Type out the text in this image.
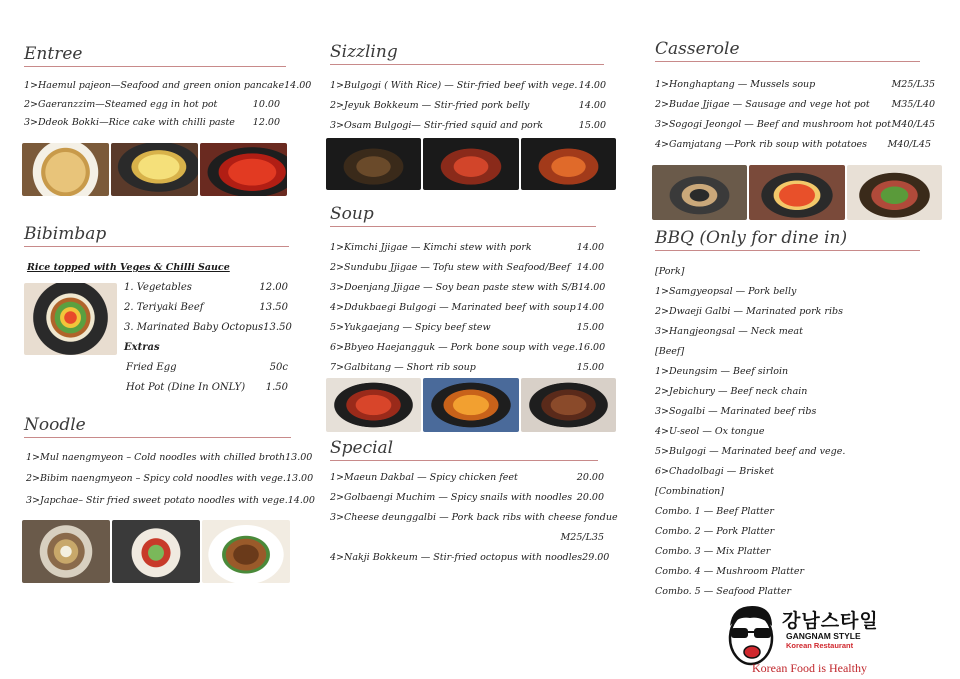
Entree
1>Haemul pajeon—Seafood and green onion pancake 14.00
2>Gaeranzzim—Steamed egg in hot pot	10.00
3>Ddeok Bokki—Rice cake with chilli paste 12.00
Bibimbap
Rice topped with Veges & Chilli Sauce
1. Vegetables	12.00
2. Teriyaki Beef	13.50
3. Marinated Baby Octopus 13.50
Extras
Fried Egg	50c
Hot Pot (Dine In ONLY) 1.50
Noodle
1>Mul naengmyeon – Cold noodles with chilled broth 13.00
2>Bibim naengmyeon – Spicy cold noodles with vege. 13.00
3>Japchae– Stir fried sweet potato noodles with vege. 14.00
Sizzling
1>Bulgogi ( With Rice) — Stir-fried beef with vege. 14.00
2>Jeyuk Bokkeum — Stir-fried pork belly	14.00
3>Osam Bulgogi— Stir-fried squid and pork	15.00
Soup
1>Kimchi Jjigae — Kimchi stew with pork	14.00
2>Sundubu Jjigae — Tofu stew with Seafood/Beef 14.00
3>Doenjang Jjigae — Soy bean paste stew with S/B 14.00
4>Ddukbaegi Bulgogi — Marinated beef with soup 14.00
5>Yukgaejang — Spicy beef stew	15.00
6>Bbyeo Haejangguk — Pork bone soup with vege. 16.00
7>Galbitang — Short rib soup	15.00
Special
1>Maeun Dakbal — Spicy chicken feet	20.00
2>Golbaengi Muchim — Spicy snails with noodles 20.00
3>Cheese deunggalbi — Pork back ribs with cheese fondue
M25/L35
4>Nakji Bokkeum — Stir-fried octopus with noodles 29.00
Casserole
1>Honghaptang — Mussels soup	M25/L35
2>Budae Jjigae — Sausage and vege hot pot M35/L40
3>Sogogi Jeongol — Beef and mushroom hot pot M40/L45
4>Gamjatang —Pork rib soup with potatoes M40/L45
BBQ (Only for dine in)
[Pork]
1>Samgyeopsal — Pork belly
2>Dwaeji Galbi — Marinated pork ribs
3>Hangjeongsal — Neck meat
[Beef]
1>Deungsim — Beef sirloin
2>Jebichury — Beef neck chain
3>Sogalbi — Marinated beef ribs
4>U-seol — Ox tongue
5>Bulgogi — Marinated beef and vege.
6>Chadolbagi — Brisket
[Combination]
Combo. 1 — Beef Platter
Combo. 2 — Pork Platter
Combo. 3 — Mix Platter
Combo. 4 — Mushroom Platter
Combo. 5 — Seafood Platter
강남스타일
GANGNAM STYLE
Korean Restaurant
Korean Food is Healthy
